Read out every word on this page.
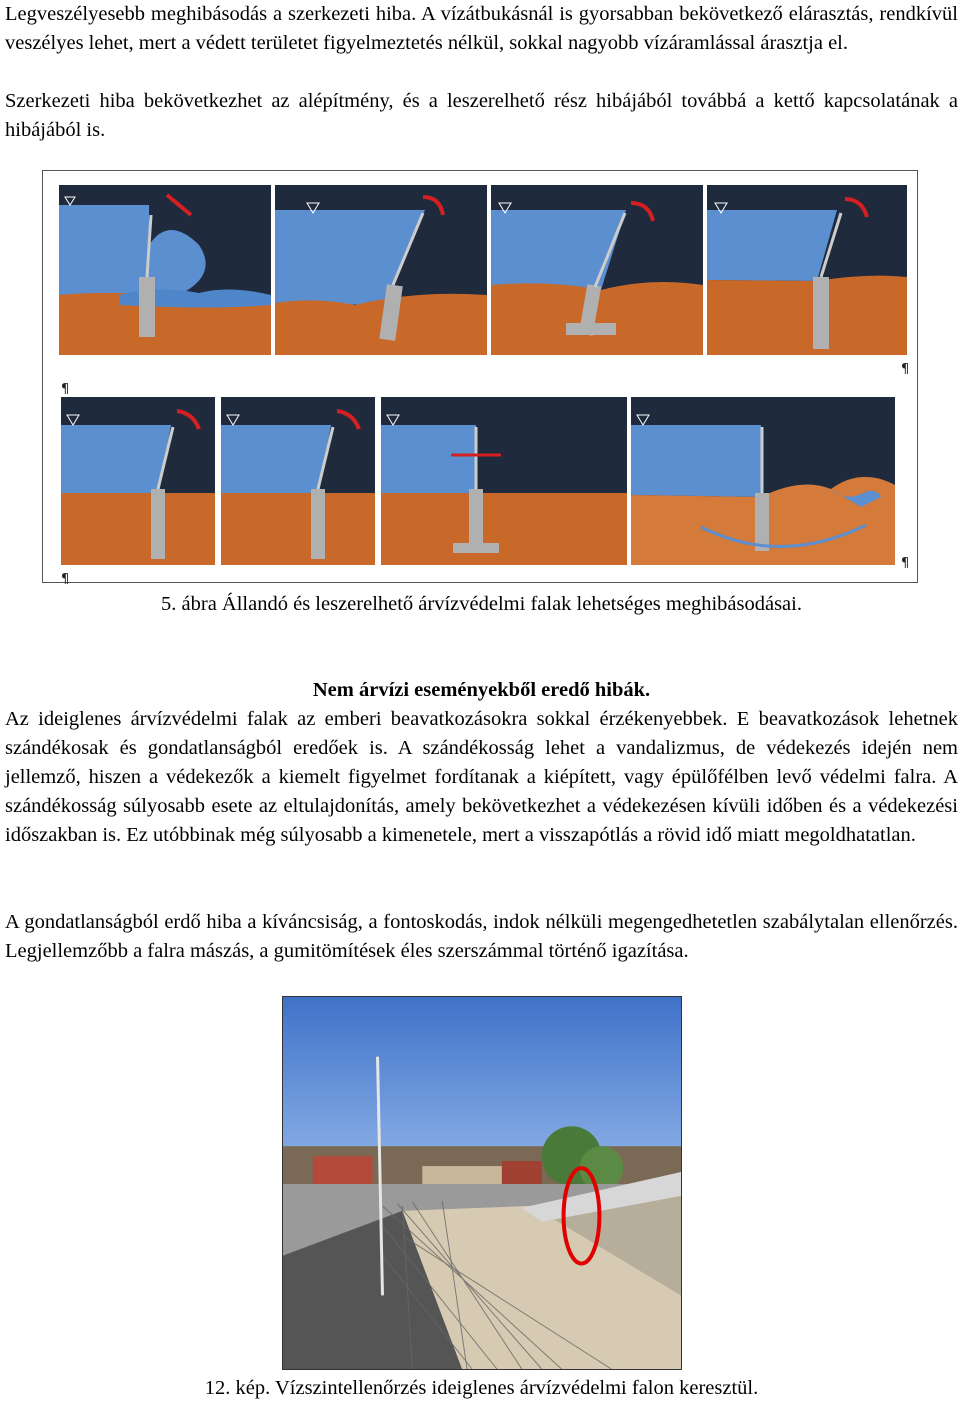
Legveszélyesebb meghibásodás a szerkezeti hiba. A vízátbukásnál is gyorsabban bekövetkező elárasztás, rendkívül veszélyes lehet, mert a védett területet figyelmeztetés nélkül, sokkal nagyobb vízáramlással árasztja el.

Szerkezeti hiba bekövetkezhet az alépítmény, és a leszerelhető rész hibájából továbbá a kettő kapcsolatának a hibájából is.

¶
¶
¶
¶

5. ábra Állandó és leszerelhető árvízvédelmi falak lehetséges meghibásodásai.

Nem árvízi eseményekből eredő hibák.

Az ideiglenes árvízvédelmi falak az emberi beavatkozásokra sokkal érzékenyebbek. E beavatkozások lehetnek szándékosak és gondatlanságból eredőek is. A szándékosság lehet a vandalizmus, de védekezés idején nem jellemző, hiszen a védekezők a kiemelt figyelmet fordítanak a kiépített, vagy épülőfélben levő védelmi falra. A szándékosság súlyosabb esete az eltulajdonítás, amely bekövetkezhet a védekezésen kívüli időben és a védekezési időszakban is. Ez utóbbinak még súlyosabb a kimenetele, mert a visszapótlás a rövid idő miatt megoldhatatlan.

A gondatlanságból erdő hiba a kíváncsiság, a fontoskodás, indok nélküli megengedhetetlen szabálytalan ellenőrzés. Legjellemzőbb a falra mászás, a gumitömítések éles szerszámmal történő igazítása.

12. kép. Vízszintellenőrzés ideiglenes árvízvédelmi falon keresztül.
